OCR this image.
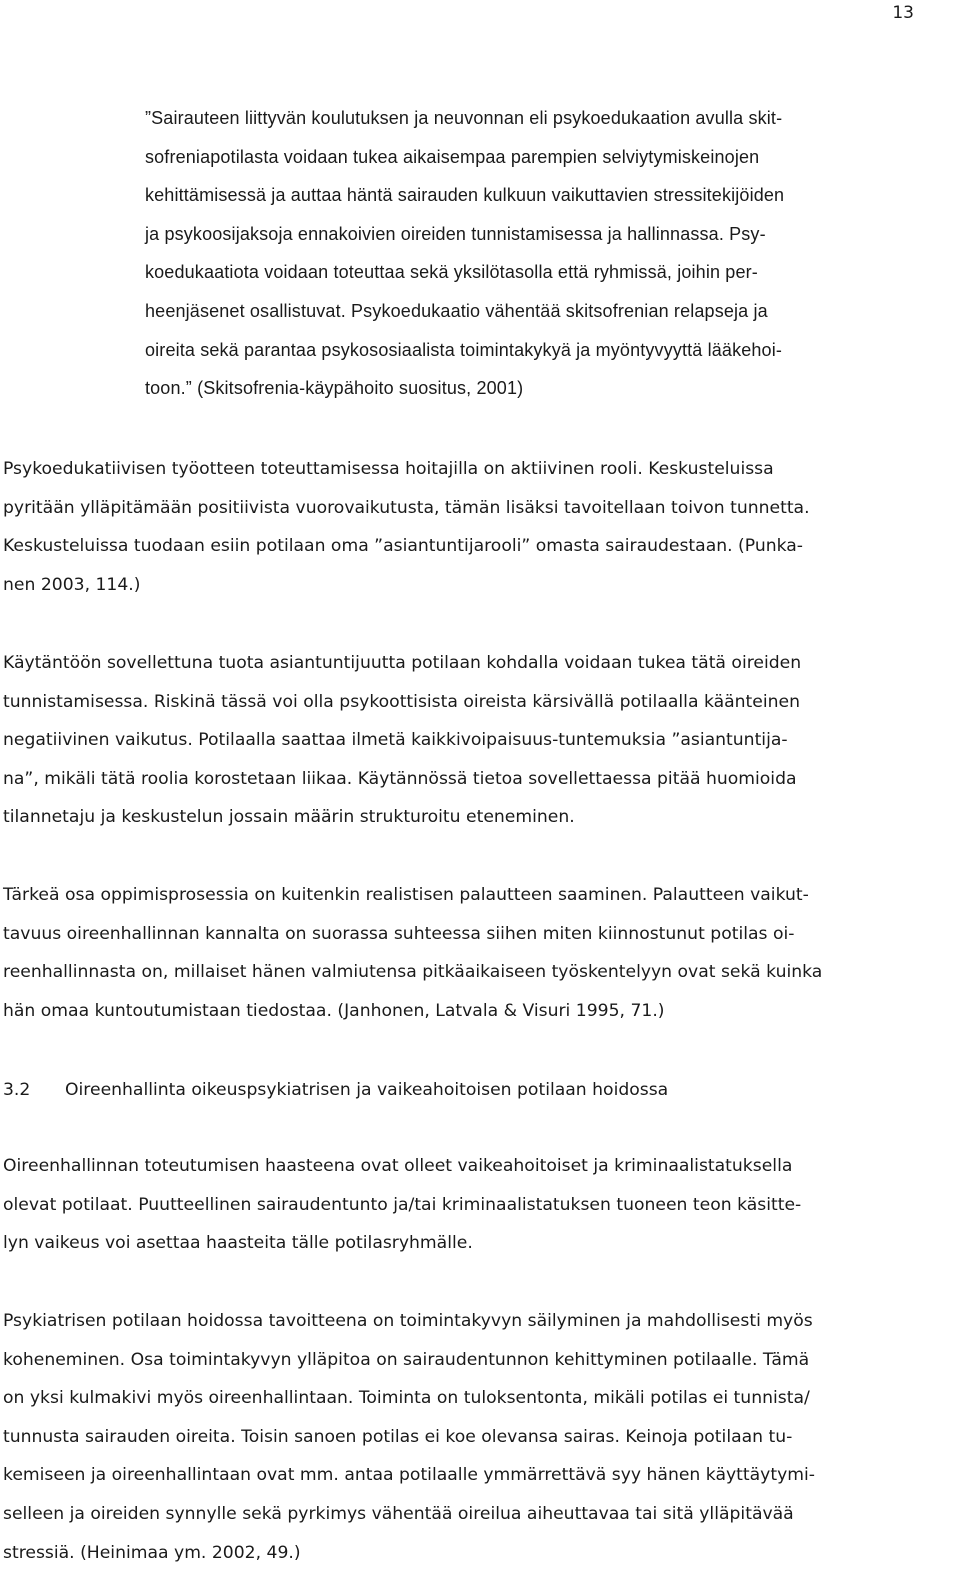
13
”Sairauteen liittyvän koulutuksen ja neuvonnan eli psykoedukaation avulla skit-
sofreniapotilasta voidaan tukea aikaisempaa parempien selviytymiskeinojen
kehittämisessä ja auttaa häntä sairauden kulkuun vaikuttavien stressitekijöiden
ja psykoosijaksoja ennakoivien oireiden tunnistamisessa ja hallinnassa. Psy-
koedukaatiota voidaan toteuttaa sekä yksilötasolla että ryhmissä, joihin per-
heenjäsenet osallistuvat. Psykoedukaatio vähentää skitsofrenian relapseja ja
oireita sekä parantaa psykososiaalista toimintakykyä ja myöntyvyyttä lääkehoi-
toon.” (Skitsofrenia-käypähoito suositus, 2001)
Psykoedukatiivisen työotteen toteuttamisessa hoitajilla on aktiivinen rooli. Keskusteluissa
pyritään ylläpitämään positiivista vuorovaikutusta, tämän lisäksi tavoitellaan toivon tunnetta.
Keskusteluissa tuodaan esiin potilaan oma ”asiantuntijarooli” omasta sairaudestaan. (Punka-
nen 2003, 114.)
Käytäntöön sovellettuna tuota asiantuntijuutta potilaan kohdalla voidaan tukea tätä oireiden
tunnistamisessa. Riskinä tässä voi olla psykoottisista oireista kärsivällä potilaalla käänteinen
negatiivinen vaikutus. Potilaalla saattaa ilmetä kaikkivoipaisuus-tuntemuksia ”asiantuntija-
na”, mikäli tätä roolia korostetaan liikaa. Käytännössä tietoa sovellettaessa pitää huomioida
tilannetaju ja keskustelun jossain määrin strukturoitu eteneminen.
Tärkeä osa oppimisprosessia on kuitenkin realistisen palautteen saaminen. Palautteen vaikut-
tavuus oireenhallinnan kannalta on suorassa suhteessa siihen miten kiinnostunut potilas oi-
reenhallinnasta on, millaiset hänen valmiutensa pitkäaikaiseen työskentelyyn ovat sekä kuinka
hän omaa kuntoutumistaan tiedostaa. (Janhonen, Latvala & Visuri 1995, 71.)
3.2 Oireenhallinta oikeuspsykiatrisen ja vaikeahoitoisen potilaan hoidossa
Oireenhallinnan toteutumisen haasteena ovat olleet vaikeahoitoiset ja kriminaalistatuksella
olevat potilaat. Puutteellinen sairaudentunto ja/tai kriminaalistatuksen tuoneen teon käsitte-
lyn vaikeus voi asettaa haasteita tälle potilasryhmälle.
Psykiatrisen potilaan hoidossa tavoitteena on toimintakyvyn säilyminen ja mahdollisesti myös
koheneminen. Osa toimintakyvyn ylläpitoa on sairaudentunnon kehittyminen potilaalle. Tämä
on yksi kulmakivi myös oireenhallintaan. Toiminta on tuloksentonta, mikäli potilas ei tunnista/
tunnusta sairauden oireita. Toisin sanoen potilas ei koe olevansa sairas. Keinoja potilaan tu-
kemiseen ja oireenhallintaan ovat mm. antaa potilaalle ymmärrettävä syy hänen käyttäytymi-
selleen ja oireiden synnylle sekä pyrkimys vähentää oireilua aiheuttavaa tai sitä ylläpitävää
stressiä. (Heinimaa ym. 2002, 49.)
